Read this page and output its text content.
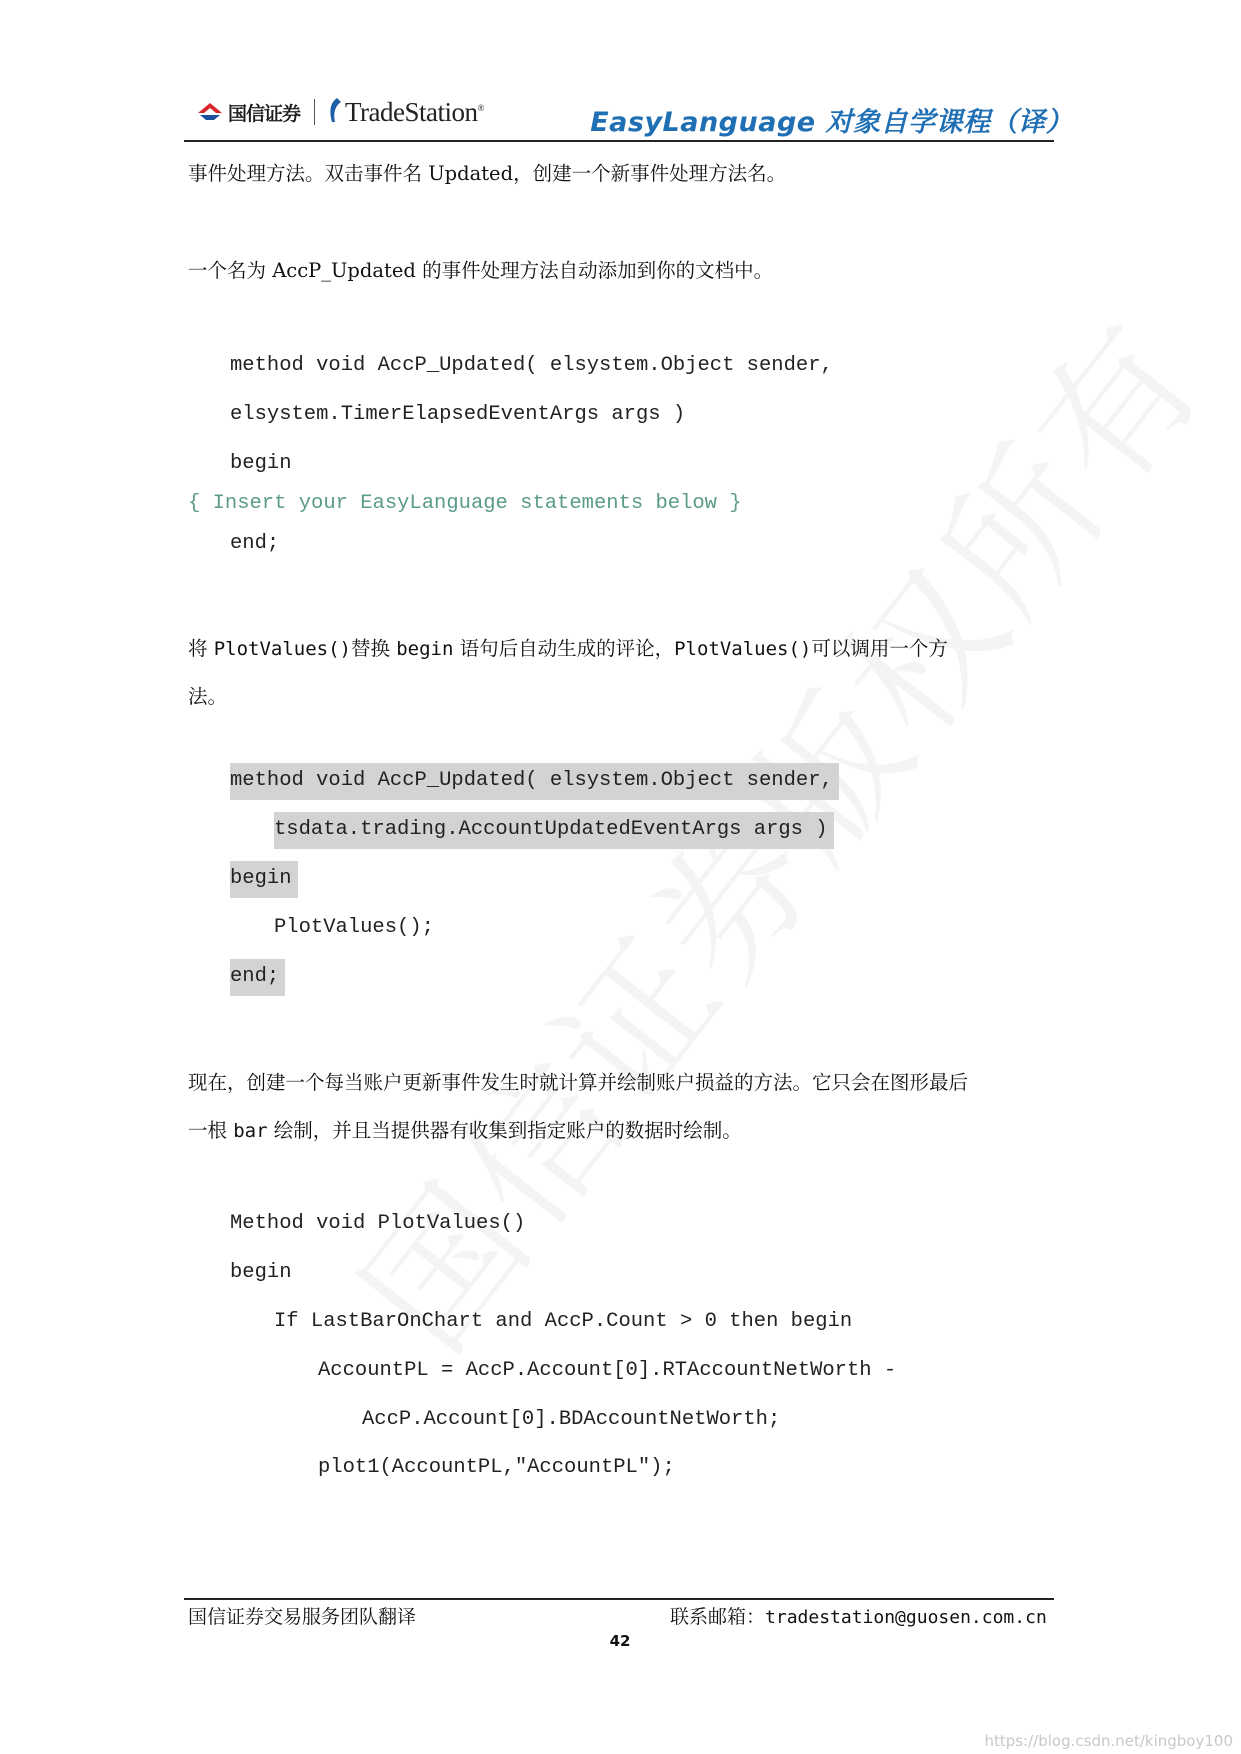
国信证券 TradeStation®	EasyLanguage 对象自学课程（译）
事件处理方法。双击事件名 Updated，创建一个新事件处理方法名。
一个名为 AccP_Updated 的事件处理方法自动添加到你的文档中。
method void AccP_Updated( elsystem.Object sender,
elsystem.TimerElapsedEventArgs args )
begin
{ Insert your EasyLanguage statements below }
end;
将 PlotValues()替换 begin 语句后自动生成的评论，PlotValues()可以调用一个方
法。
method void AccP_Updated( elsystem.Object sender,
tsdata.trading.AccountUpdatedEventArgs args )
begin
PlotValues();
end;
现在，创建一个每当账户更新事件发生时就计算并绘制账户损益的方法。它只会在图形最后
一根 bar 绘制，并且当提供器有收集到指定账户的数据时绘制。
Method void PlotValues()
begin
If LastBarOnChart and AccP.Count > 0 then begin
AccountPL = AccP.Account[0].RTAccountNetWorth -
AccP.Account[0].BDAccountNetWorth;
plot1(AccountPL,"AccountPL");
国信证券交易服务团队翻译	联系邮箱：tradestation@guosen.com.cn
42
https://blog.csdn.net/kingboy100
